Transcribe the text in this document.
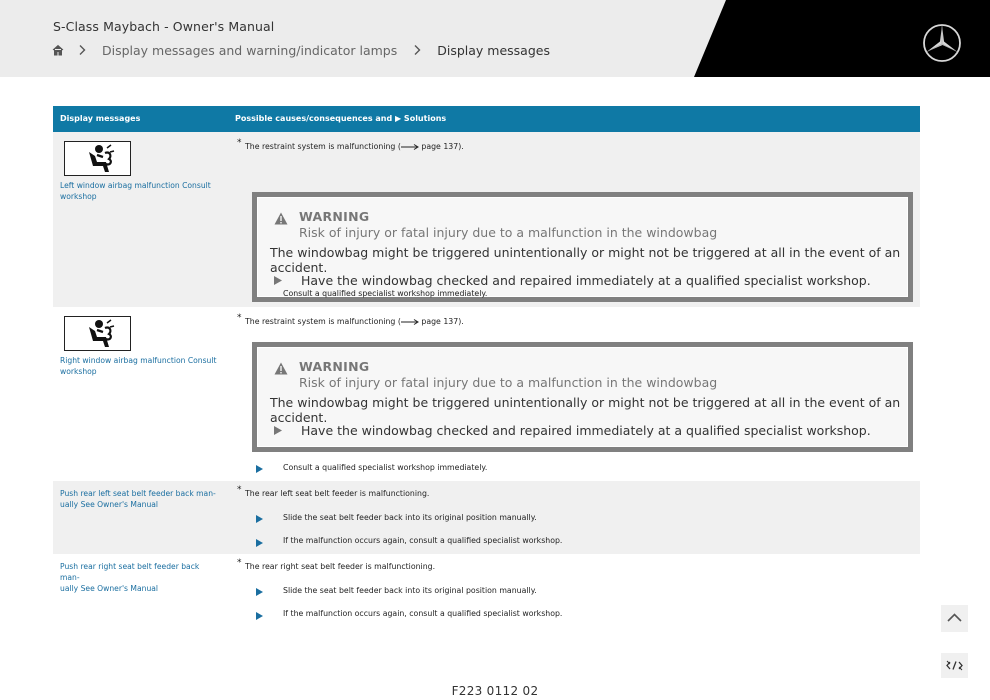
S-Class Maybach - Owner's Manual
Display messages and warning/indicator lamps	Display messages
Display messages	Possible causes/consequences and ▶ Solutions
Left window airbag malfunction Consult workshop
* The restraint system is malfunctioning ( page 137).
WARNING
Risk of injury or fatal injury due to a malfunction in the windowbag
The windowbag might be triggered unintentionally or might not be triggered at all in the event of an accident.
Have the windowbag checked and repaired immediately at a qualified specialist workshop.
Consult a qualified specialist workshop immediately.
Right window airbag malfunction Consult workshop
* The restraint system is malfunctioning ( page 137).
WARNING
Risk of injury or fatal injury due to a malfunction in the windowbag
The windowbag might be triggered unintentionally or might not be triggered at all in the event of an accident.
Have the windowbag checked and repaired immediately at a qualified specialist workshop.
Consult a qualified specialist workshop immediately.
Push rear left seat belt feeder back man-
ually See Owner's Manual
* The rear left seat belt feeder is malfunctioning.
Slide the seat belt feeder back into its original position manually.
If the malfunction occurs again, consult a qualified specialist workshop.
Push rear right seat belt feeder back man-
ually See Owner's Manual
* The rear right seat belt feeder is malfunctioning.
Slide the seat belt feeder back into its original position manually.
If the malfunction occurs again, consult a qualified specialist workshop.
F223 0112 02
